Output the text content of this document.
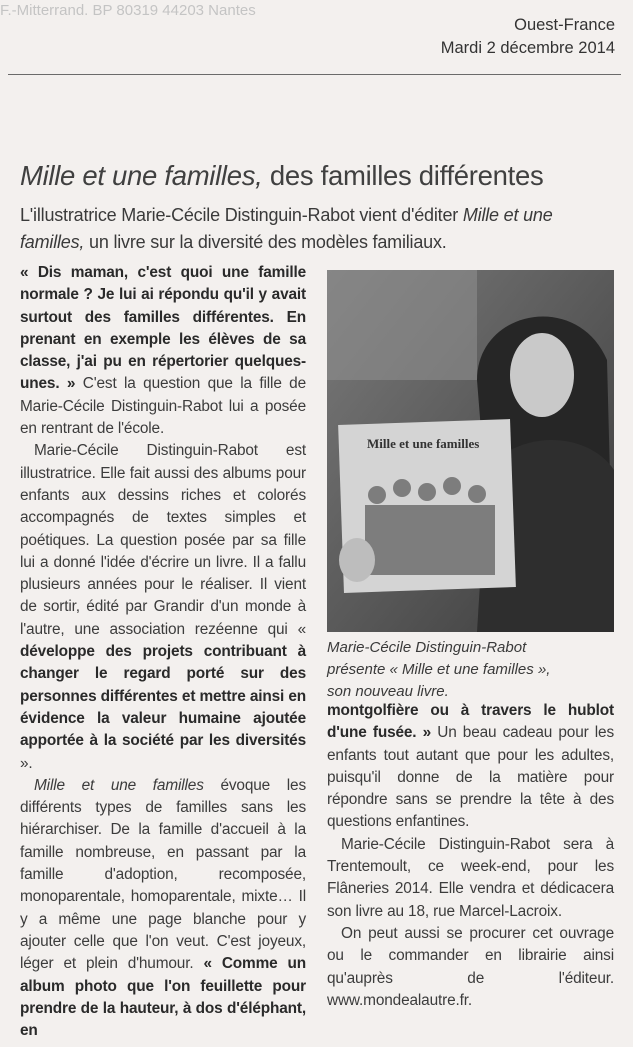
F.-Mitterrand. BP 80319 44203 Nantes
Ouest-France
Mardi 2 décembre 2014
Mille et une familles, des familles différentes
L'illustratrice Marie-Cécile Distinguin-Rabot vient d'éditer Mille et une familles, un livre sur la diversité des modèles familiaux.

« Dis maman, c'est quoi une famille normale ? Je lui ai répondu qu'il y avait surtout des familles différentes. En prenant en exemple les élèves de sa classe, j'ai pu en répertorier quelques-unes. » C'est la question que la fille de Marie-Cécile Distinguin-Rabot lui a posée en rentrant de l'école.

Marie-Cécile Distinguin-Rabot est illustratrice. Elle fait aussi des albums pour enfants aux dessins riches et colorés accompagnés de textes simples et poétiques. La question posée par sa fille lui a donné l'idée d'écrire un livre. Il a fallu plusieurs années pour le réaliser. Il vient de sortir, édité par Grandir d'un monde à l'autre, une association rezéenne qui « développe des projets contribuant à changer le regard porté sur des personnes différentes et mettre ainsi en évidence la valeur humaine ajoutée apportée à la société par les diversités ».

Mille et une familles évoque les différents types de familles sans les hiérarchiser. De la famille d'accueil à la famille nombreuse, en passant par la famille d'adoption, recomposée, monoparentale, homoparentale, mixte… Il y a même une page blanche pour y ajouter celle que l'on veut. C'est joyeux, léger et plein d'humour. « Comme un album photo que l'on feuillette pour prendre de la hauteur, à dos d'éléphant, en

Mille et une familles
Marie-Cécile Distinguin-Rabot
présente « Mille et une familles »,
son nouveau livre.

montgolfière ou à travers le hublot d'une fusée. » Un beau cadeau pour les enfants tout autant que pour les adultes, puisqu'il donne de la matière pour répondre sans se prendre la tête à des questions enfantines.

Marie-Cécile Distinguin-Rabot sera à Trentemoult, ce week-end, pour les Flâneries 2014. Elle vendra et dédicacera son livre au 18, rue Marcel-Lacroix.

On peut aussi se procurer cet ouvrage ou le commander en librairie ainsi qu'auprès de l'éditeur. www.mondealautre.fr.
